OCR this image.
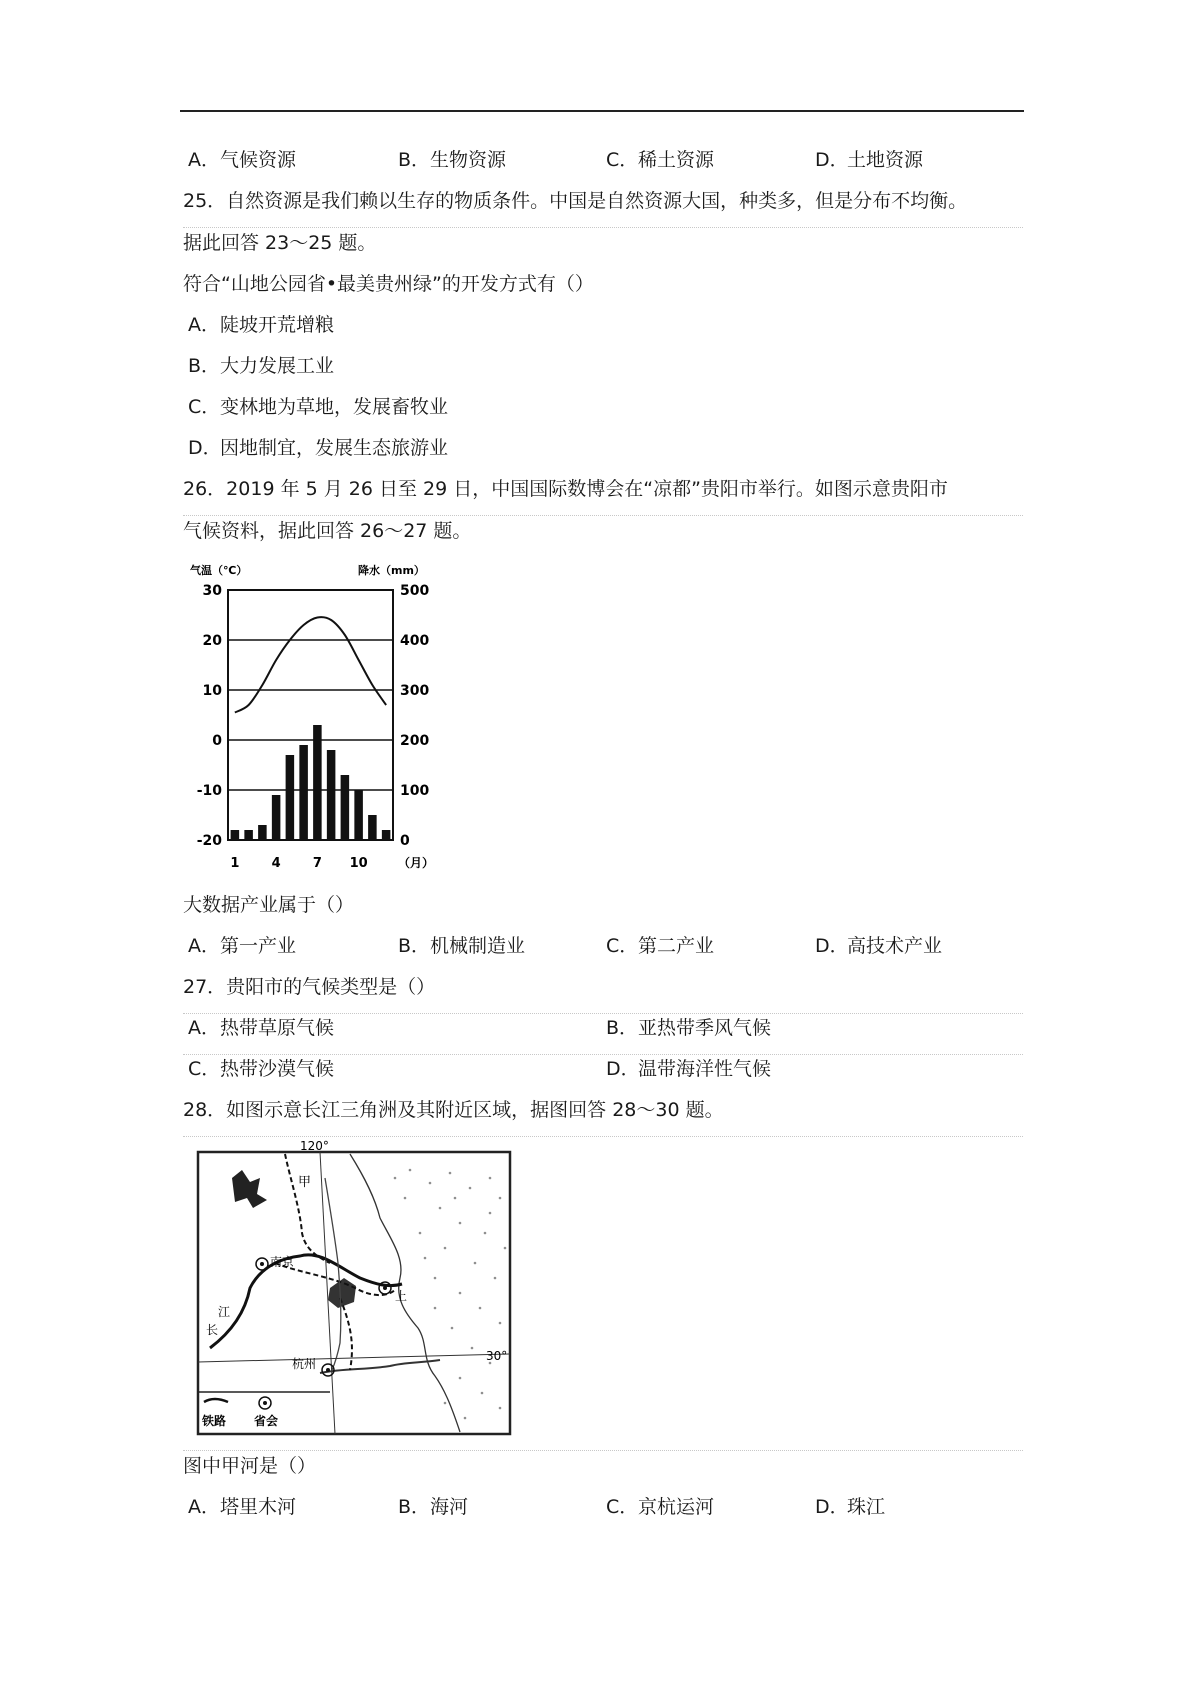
A．气候资源	B．生物资源	C．稀土资源	D．土地资源
25．自然资源是我们赖以生存的物质条件。中国是自然资源大国，种类多，但是分布不均衡。
据此回答 23～25 题。
符合“山地公园省•最美贵州绿”的开发方式有（）
A．陡坡开荒增粮
B．大力发展工业
C．变林地为草地，发展畜牧业
D．因地制宜，发展生态旅游业
26．2019 年 5 月 26 日至 29 日，中国国际数博会在“凉都”贵阳市举行。如图示意贵阳市
气候资料，据此回答 26～27 题。
气温（℃）	降水（mm）
30
20
10
0
-10
-20
500
400
300
200
100
0
1 4 7 10	（月）
大数据产业属于（）
A．第一产业	B．机械制造业	C．第二产业	D．高技术产业
27．贵阳市的气候类型是（）
A．热带草原气候	B．亚热带季风气候
C．热带沙漠气候	D．温带海洋性气候
28．如图示意长江三角洲及其附近区域，据图回答 28～30 题。
120°
30°
甲
南京
杭州
上
长
江
铁路 省会
图中甲河是（）
A．塔里木河	B．海河	C．京杭运河	D．珠江
